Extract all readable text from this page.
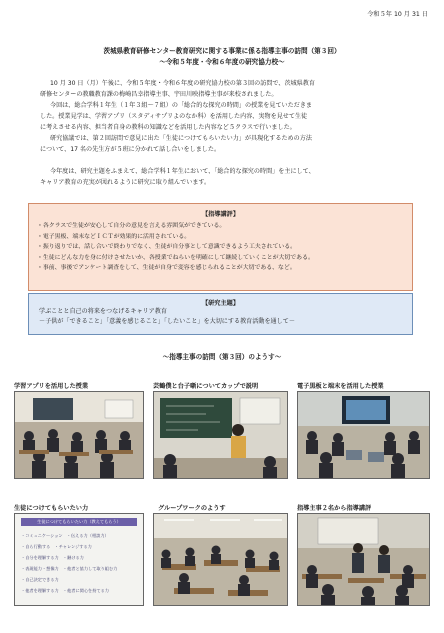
令和５年 10 月 31 日
茨城県教育研修センター教育研究に関する事業に係る指導主事の訪問（第３回）
～令和５年度・令和６年度の研究協力校～
10 月 30 日（月）午後に、令和５年度・令和６年度の研究協力校の第３回の訪問で、茨城県教育
研修センターの教職教育課の梅崎昌幸指導主事、宇田川映指導主事が来校されました。
今回は、総合学科１年生（１年３組～７組）の「総合的な探究の時間」の授業を見ていただきま
した。授業見学は、学習アプリ（スタディサプリよのなか科）を活用した内容、実物を見せて生徒
に考えさせる内容、担当者自身の教科の知識などを活用した内容など５クラスで行いました。
研究協議では、第２回訪問で意見に出た「生徒につけてもらいたい力」が具現化するための方法
について、17 名の先生方が５班に分かれて話し合いをしました。
今年度は、研究主題をふまえて、総合学科１年生において、「総合的な探究の時間」を主にして、
キャリア教育の充実が図れるように研究に取り組んでいます。
【指導講評】
・各クラスで生徒が安心して自分の意見を言える雰囲気ができている。
・電子黒板、端末などＩＣＴが効果的に活用されている。
・振り返りでは、話し合いで終わりでなく、生徒が自分事として意識できるよう工夫されている。
・生徒にどんな力を身に付けさせたいか、各授業でねらいを明確にして継続していくことが大切である。
・事前、事後でアンケート調査をして、生徒が自身で変容を感じられることが大切である、など。
【研究主題】
学ぶことと自己の将来をつなげるキャリア教育
－子供が「できること」「意義を感じること」「したいこと」を大切にする教育活動を通して－
～指導主事の訪問（第３回）のようす～
学習アプリを活用した授業	芸鶴僕と台子噺についてカップで説明	電子黒板と端末を活用した授業
生徒につけてもらいたい力
生徒につけてもらいたい力（教えてもらう）
・コミュニケーション　・伝える力（相談力）
・自ら行動する　・チャレンジする力
・自分を理解する力　・継ける力
・表現能力・想像力　・他者と協力して取り組む力
・自己決定できる力
・他者を理解する力　・他者に関心を持てる力
グループワークのようす	指導主事２名から指導講評
